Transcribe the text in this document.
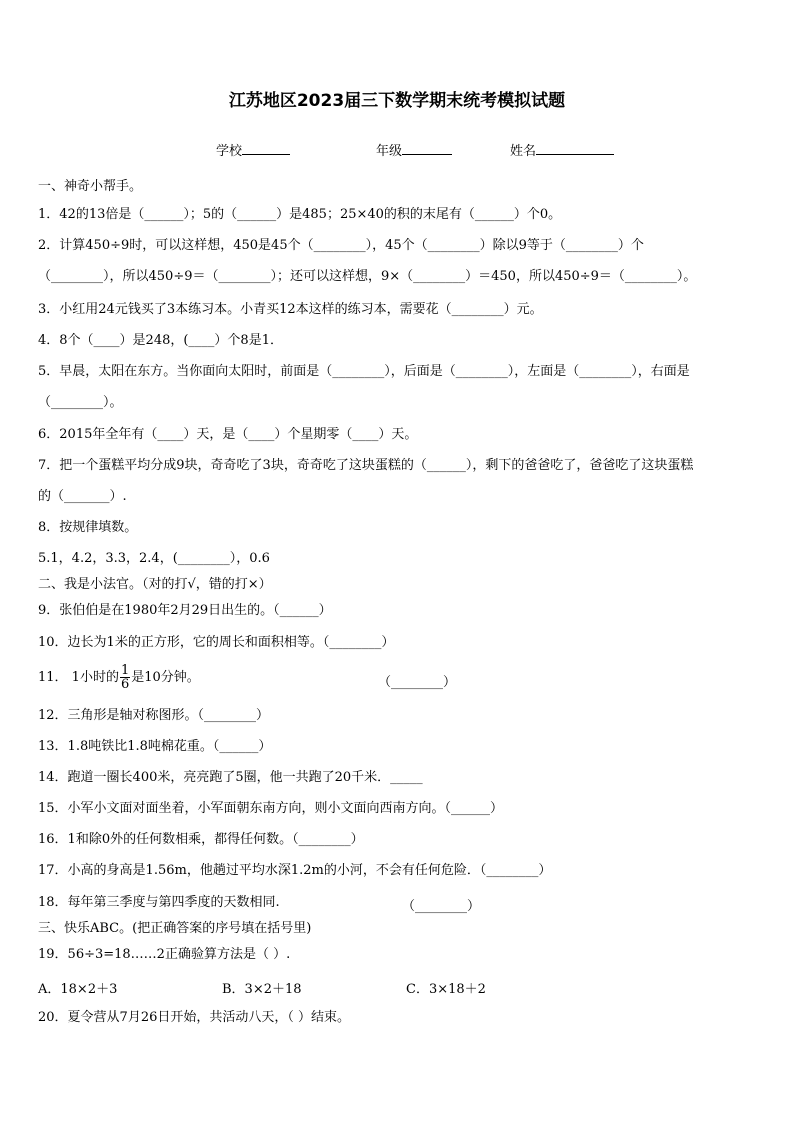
江苏地区2023届三下数学期末统考模拟试题
学校	年级	姓名
一、神奇小帮手。
1．42的13倍是（______）；5的（______）是485；25×40的积的末尾有（______）个0。
2．计算450÷9时，可以这样想，450是45个（________），45个（________）除以9等于（________）个
（________），所以450÷9＝（________）；还可以这样想，9×（________）＝450，所以450÷9＝（________）。
3．小红用24元钱买了3本练习本。小青买12本这样的练习本，需要花（________）元。
4．8个（____）是248，(____）个8是1．
5．早晨，太阳在东方。当你面向太阳时，前面是（________），后面是（________），左面是（________），右面是
（________）。
6．2015年全年有（____）天，是（____）个星期零（____）天。
7．把一个蛋糕平均分成9块，奇奇吃了3块，奇奇吃了这块蛋糕的（______），剩下的爸爸吃了，爸爸吃了这块蛋糕
的（_______）.
8．按规律填数。
5.1，4.2，3.3，2.4，(________），0.6
二、我是小法官。（对的打√，错的打×）
9．张伯伯是在1980年2月29日出生的。（______）
10．边长为1米的正方形，它的周长和面积相等。（________）
11． 1小时的 $\frac{1}{6}$ 是10分钟。	（________）
12．三角形是轴对称图形。（________）
13．1.8吨铁比1.8吨棉花重。（______）
14．跑道一圈长400米，亮亮跑了5圈，他一共跑了20千米．_____
15．小军小文面对面坐着，小军面朝东南方向，则小文面向西南方向。（______）
16．1和除0外的任何数相乘，都得任何数。（________）
17．小高的身高是1.56m，他趟过平均水深1.2m的小河，不会有任何危险．（________）
18．每年第三季度与第四季度的天数相同.	（________）
三、快乐ABC。(把正确答案的序号填在括号里)
19．56÷3=18……2正确验算方法是（ ）.
A．18×2＋3	B．3×2＋18	C．3×18＋2
20．夏令营从7月26日开始，共活动八天，（ ）结束。
